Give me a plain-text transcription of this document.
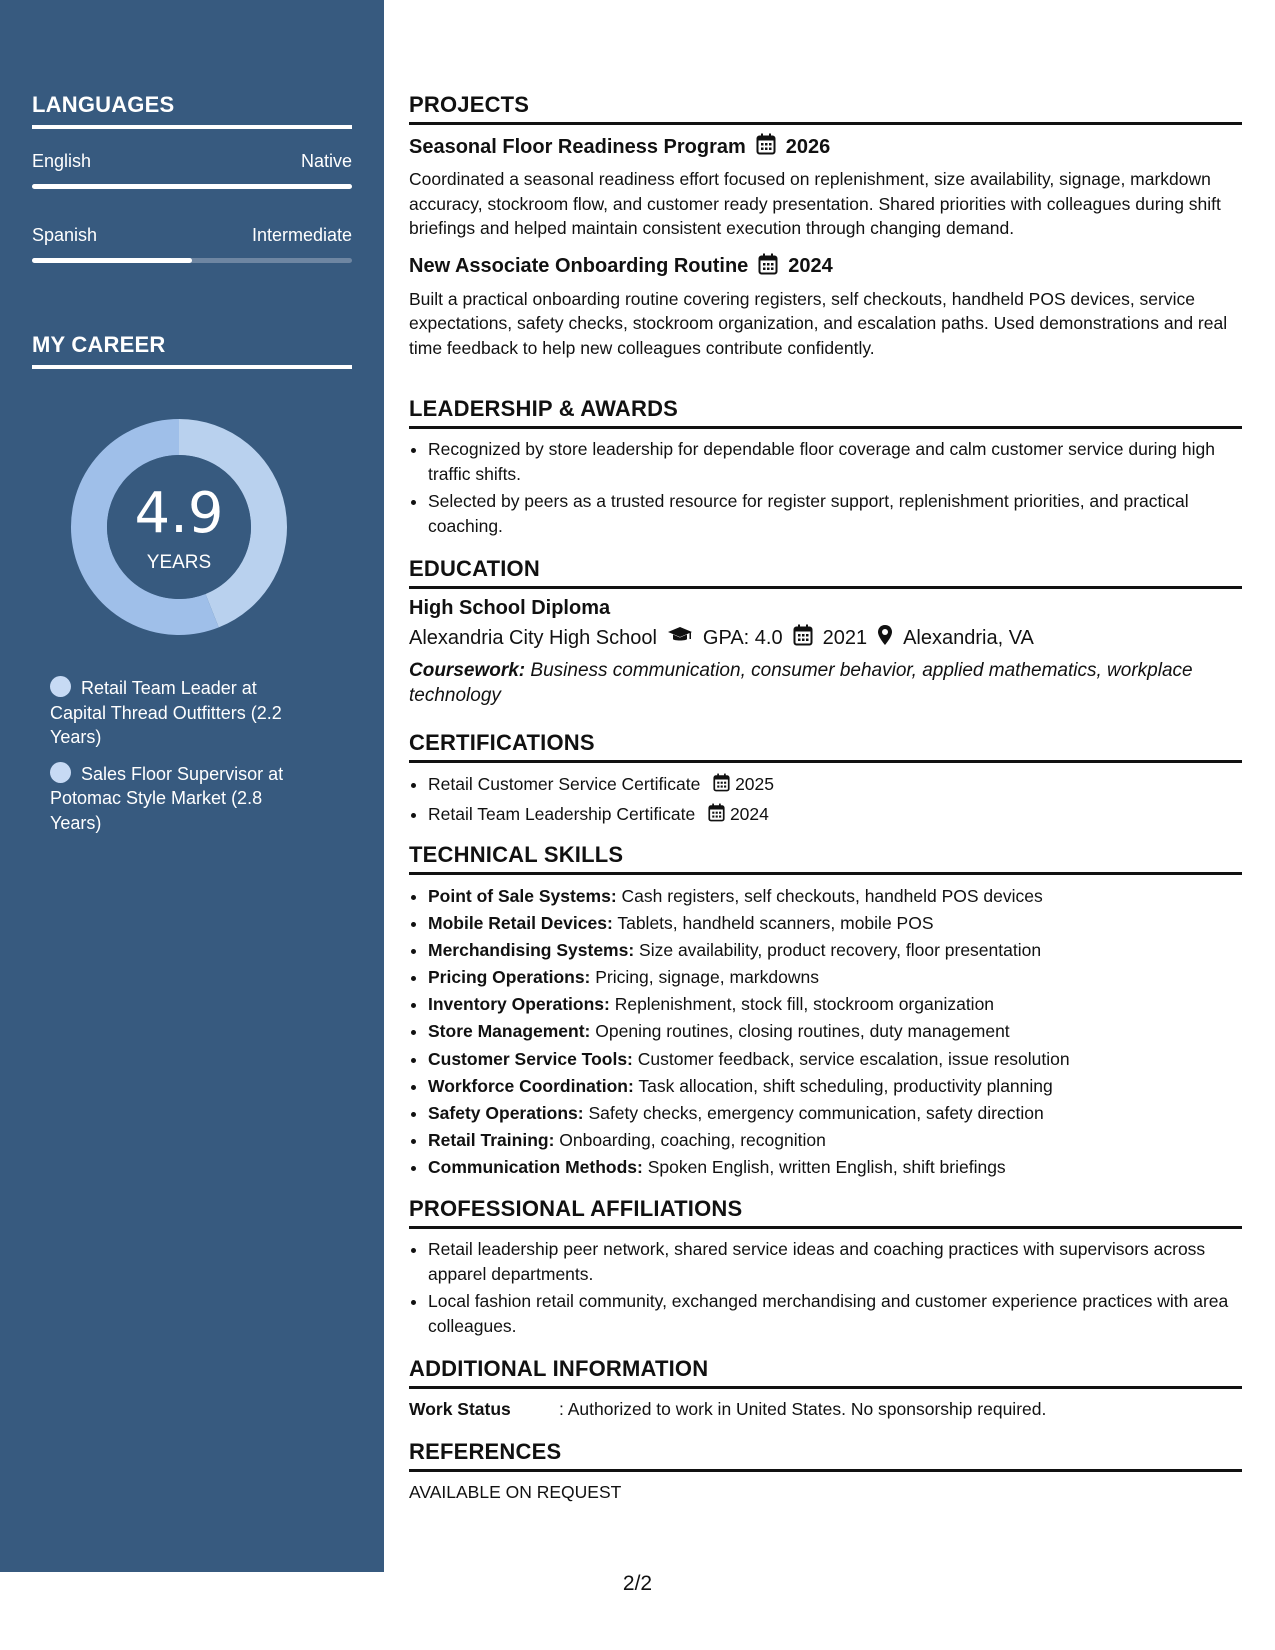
LANGUAGES
English	Native
Spanish	Intermediate
MY CAREER
4.9
YEARS
Retail Team Leader at Capital Thread Outfitters (2.2 Years)
Sales Floor Supervisor at Potomac Style Market (2.8 Years)
PROJECTS
Seasonal Floor Readiness Program 2026
Coordinated a seasonal readiness effort focused on replenishment, size availability, signage, markdown accuracy, stockroom flow, and customer ready presentation. Shared priorities with colleagues during shift briefings and helped maintain consistent execution through changing demand.
New Associate Onboarding Routine 2024
Built a practical onboarding routine covering registers, self checkouts, handheld POS devices, service expectations, safety checks, stockroom organization, and escalation paths. Used demonstrations and real time feedback to help new colleagues contribute confidently.
LEADERSHIP & AWARDS
• Recognized by store leadership for dependable floor coverage and calm customer service during high traffic shifts.
• Selected by peers as a trusted resource for register support, replenishment priorities, and practical coaching.
EDUCATION
High School Diploma
Alexandria City High School GPA: 4.0 2021 Alexandria, VA
Coursework: Business communication, consumer behavior, applied mathematics, workplace technology
CERTIFICATIONS
• Retail Customer Service Certificate 2025
• Retail Team Leadership Certificate 2024
TECHNICAL SKILLS
• Point of Sale Systems: Cash registers, self checkouts, handheld POS devices
• Mobile Retail Devices: Tablets, handheld scanners, mobile POS
• Merchandising Systems: Size availability, product recovery, floor presentation
• Pricing Operations: Pricing, signage, markdowns
• Inventory Operations: Replenishment, stock fill, stockroom organization
• Store Management: Opening routines, closing routines, duty management
• Customer Service Tools: Customer feedback, service escalation, issue resolution
• Workforce Coordination: Task allocation, shift scheduling, productivity planning
• Safety Operations: Safety checks, emergency communication, safety direction
• Retail Training: Onboarding, coaching, recognition
• Communication Methods: Spoken English, written English, shift briefings
PROFESSIONAL AFFILIATIONS
• Retail leadership peer network, shared service ideas and coaching practices with supervisors across apparel departments.
• Local fashion retail community, exchanged merchandising and customer experience practices with area colleagues.
ADDITIONAL INFORMATION
Work Status	: Authorized to work in United States. No sponsorship required.
REFERENCES
AVAILABLE ON REQUEST
2/2
